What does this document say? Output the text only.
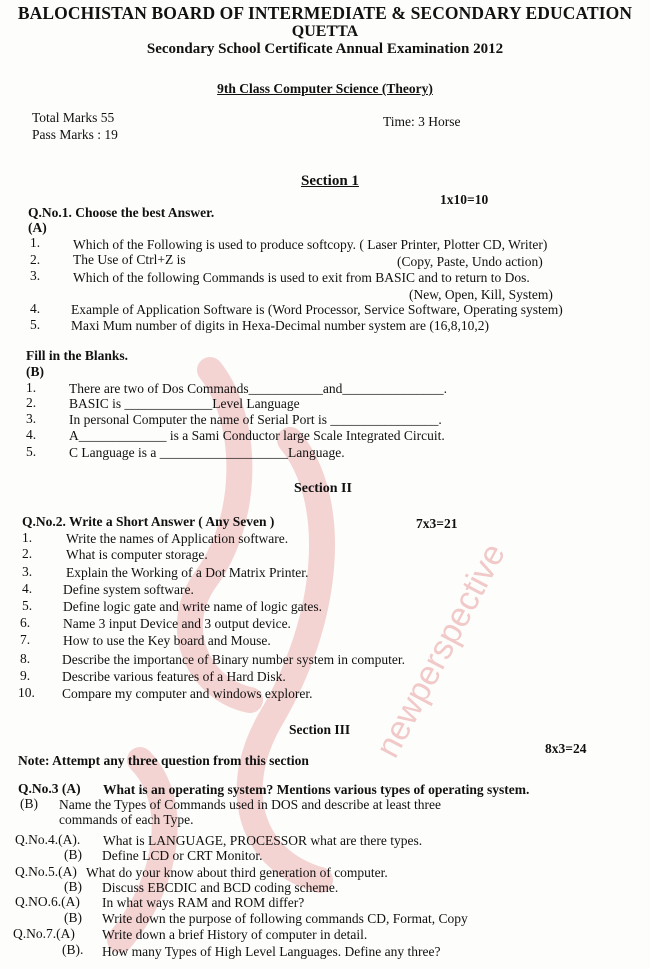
newperspective
BALOCHISTAN BOARD OF INTERMEDIATE & SECONDARY EDUCATION
QUETTA
Secondary School Certificate Annual Examination 2012
9th Class Computer Science (Theory)
Total Marks 55
Pass Marks : 19
Time: 3 Horse
Section 1
1x10=10
Q.No.1. Choose the best Answer.
(A)
1. Which of the Following is used to produce softcopy. ( Laser Printer, Plotter CD, Writer)
2. The Use of Ctrl+Z is	(Copy, Paste, Undo action)
3. Which of the following Commands is used to exit from BASIC and to return to Dos.
(New, Open, Kill, System)
4. Example of Application Software is (Word Processor, Service Software, Operating system)
5. Maxi Mum number of digits in Hexa-Decimal number system are (16,8,10,2)
Fill in the Blanks.
(B)
1. There are two of Dos Commands___________and_______________.
2. BASIC is _____________Level Language
3. In personal Computer the name of Serial Port is ________________.
4. A_____________ is a Sami Conductor large Scale Integrated Circuit.
5. C Language is a ___________________Language.
Section II
Q.No.2. Write a Short Answer ( Any Seven )	7x3=21
1.	Write the names of Application software.
2.	What is computer storage.
3.	Explain the Working of a Dot Matrix Printer.
4. Define system software.
5. Define logic gate and write name of logic gates.
6. Name 3 input Device and 3 output device.
7. How to use the Key board and Mouse.
8. Describe the importance of Binary number system in computer.
9. Describe various features of a Hard Disk.
10. Compare my computer and windows explorer.
Section III
8x3=24
Note: Attempt any three question from this section
Q.No.3 (A) What is an operating system? Mentions various types of operating system.
(B) Name the Types of Commands used in DOS and describe at least three
commands of each Type.
Q.No.4.(A). What is LANGUAGE, PROCESSOR what are there types.
(B) Define LCD or CRT Monitor.
Q.No.5.(A) What do your know about third generation of computer.
(B) Discuss EBCDIC and BCD coding scheme.
Q.NO.6.(A) In what ways RAM and ROM differ?
(B) Write down the purpose of following commands CD, Format, Copy
Q.No.7.(A) Write down a brief History of computer in detail.
(B). How many Types of High Level Languages. Define any three?
